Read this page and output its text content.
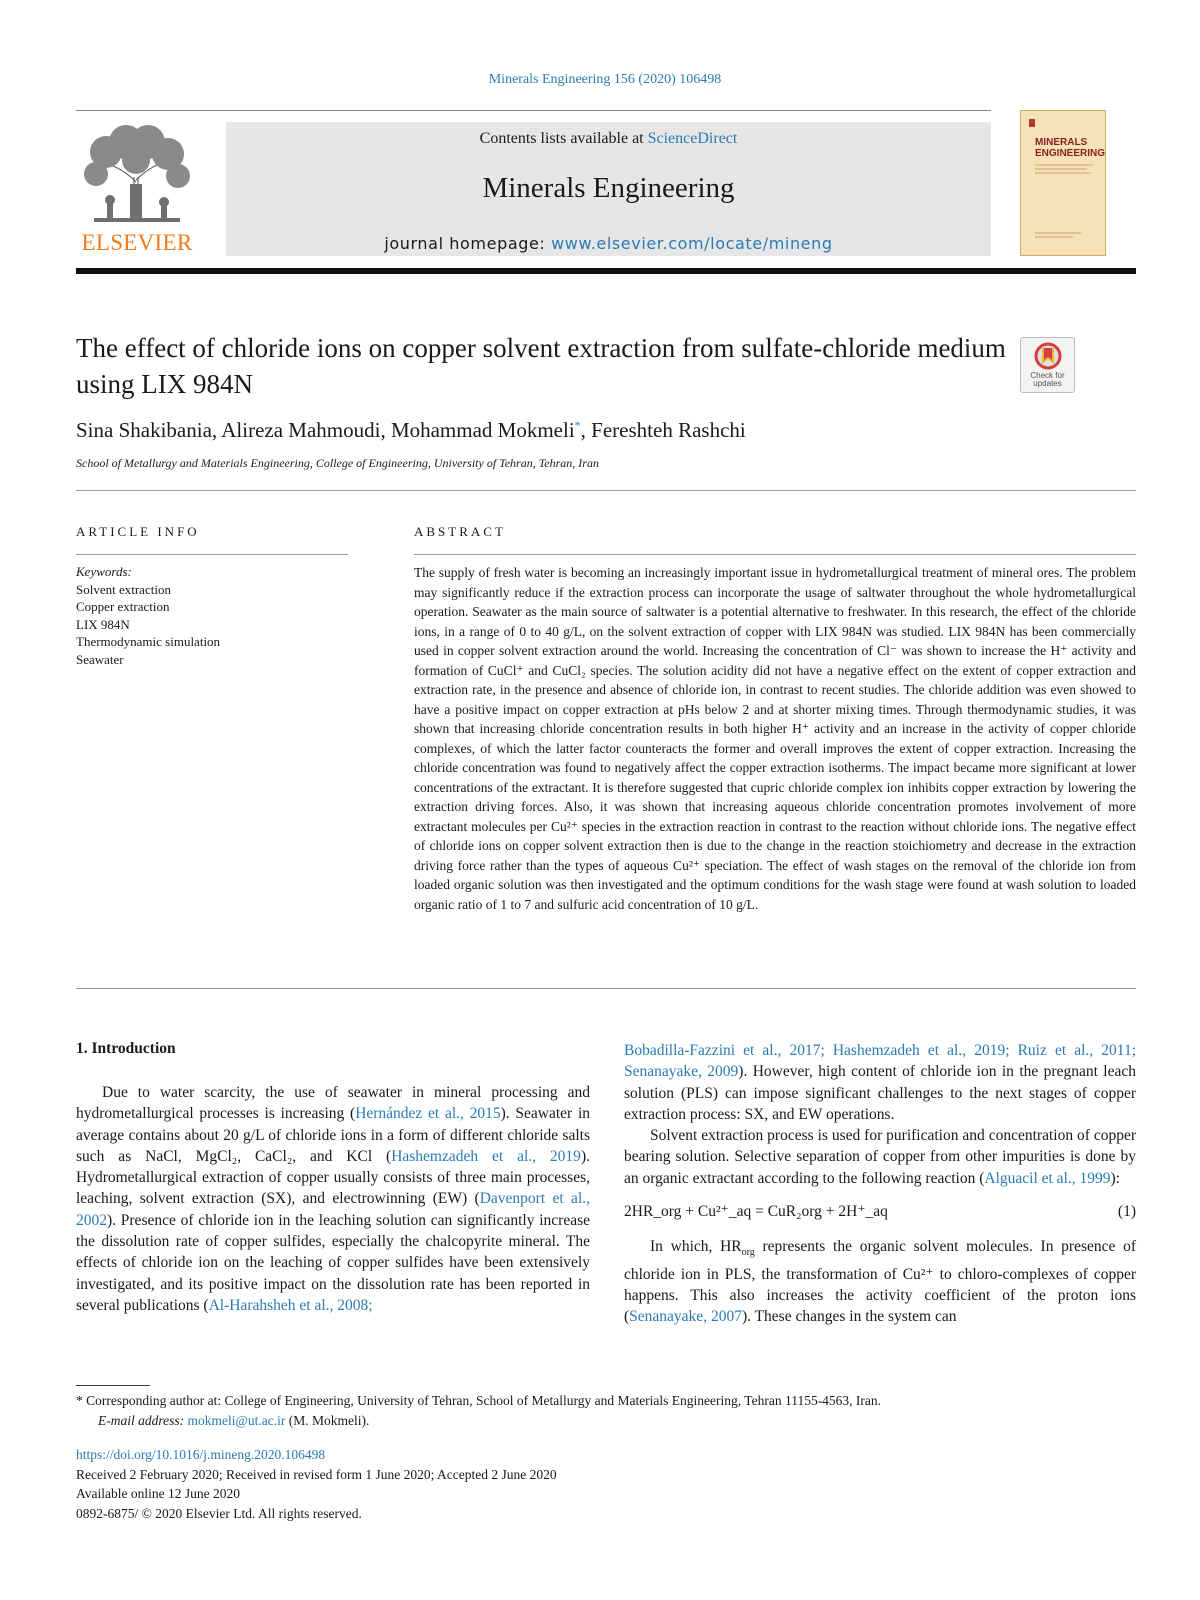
Minerals Engineering 156 (2020) 106498
ELSEVIER
Contents lists available at ScienceDirect
Minerals Engineering
journal homepage: www.elsevier.com/locate/mineng
MINERALS
ENGINEERING
The effect of chloride ions on copper solvent extraction from sulfate-chloride medium using LIX 984N	Check for
updates
Sina Shakibania, Alireza Mahmoudi, Mohammad Mokmeli*, Fereshteh Rashchi
School of Metallurgy and Materials Engineering, College of Engineering, University of Tehran, Tehran, Iran
ARTICLE INFO
Keywords:
Solvent extraction
Copper extraction
LIX 984N
Thermodynamic simulation
Seawater
ABSTRACT
The supply of fresh water is becoming an increasingly important issue in hydrometallurgical treatment of mineral ores. The problem may significantly reduce if the extraction process can incorporate the usage of saltwater throughout the whole hydrometallurgical operation. Seawater as the main source of saltwater is a potential alternative to freshwater. In this research, the effect of the chloride ions, in a range of 0 to 40 g/L, on the solvent extraction of copper with LIX 984N was studied. LIX 984N has been commercially used in copper solvent extraction around the world. Increasing the concentration of Cl⁻ was shown to increase the H⁺ activity and formation of CuCl⁺ and CuCl₂ species. The solution acidity did not have a negative effect on the extent of copper extraction and extraction rate, in the presence and absence of chloride ion, in contrast to recent studies. The chloride addition was even showed to have a positive impact on copper extraction at pHs below 2 and at shorter mixing times. Through thermodynamic studies, it was shown that increasing chloride concentration results in both higher H⁺ activity and an increase in the activity of copper chloride complexes, of which the latter factor counteracts the former and overall improves the extent of copper extraction. Increasing the chloride concentration was found to negatively affect the copper extraction isotherms. The impact became more significant at lower concentrations of the extractant. It is therefore suggested that cupric chloride complex ion inhibits copper extraction by lowering the extraction driving forces. Also, it was shown that increasing aqueous chloride concentration promotes involvement of more extractant molecules per Cu²⁺ species in the extraction reaction in contrast to the reaction without chloride ions. The negative effect of chloride ions on copper solvent extraction then is due to the change in the reaction stoichiometry and decrease in the extraction driving force rather than the types of aqueous Cu²⁺ speciation. The effect of wash stages on the removal of the chloride ion from loaded organic solution was then investigated and the optimum conditions for the wash stage were found at wash solution to loaded organic ratio of 1 to 7 and sulfuric acid concentration of 10 g/L.
1. Introduction

Due to water scarcity, the use of seawater in mineral processing and hydrometallurgical processes is increasing (Hernández et al., 2015). Seawater in average contains about 20 g/L of chloride ions in a form of different chloride salts such as NaCl, MgCl₂, CaCl₂, and KCl (Hashemzadeh et al., 2019). Hydrometallurgical extraction of copper usually consists of three main processes, leaching, solvent extraction (SX), and electrowinning (EW) (Davenport et al., 2002). Presence of chloride ion in the leaching solution can significantly increase the dissolution rate of copper sulfides, especially the chalcopyrite mineral. The effects of chloride ion on the leaching of copper sulfides have been extensively investigated, and its positive impact on the dissolution rate has been reported in several publications (Al-Harahsheh et al., 2008;

Bobadilla-Fazzini et al., 2017; Hashemzadeh et al., 2019; Ruiz et al., 2011; Senanayake, 2009). However, high content of chloride ion in the pregnant leach solution (PLS) can impose significant challenges to the next stages of copper extraction process: SX, and EW operations.

Solvent extraction process is used for purification and concentration of copper bearing solution. Selective separation of copper from other impurities is done by an organic extractant according to the following reaction (Alguacil et al., 1999):

2HR_org + Cu²⁺_aq = CuR₂org + 2H⁺_aq	(1)

In which, $HR_{org}$ represents the organic solvent molecules. In presence of chloride ion in PLS, the transformation of Cu²⁺ to chloro-complexes of copper happens. This also increases the activity coefficient of the proton ions (Senanayake, 2007). These changes in the system can

* Corresponding author at: College of Engineering, University of Tehran, School of Metallurgy and Materials Engineering, Tehran 11155-4563, Iran.
E-mail address: mokmeli@ut.ac.ir (M. Mokmeli).
https://doi.org/10.1016/j.mineng.2020.106498
Received 2 February 2020; Received in revised form 1 June 2020; Accepted 2 June 2020
Available online 12 June 2020
0892-6875/ © 2020 Elsevier Ltd. All rights reserved.
